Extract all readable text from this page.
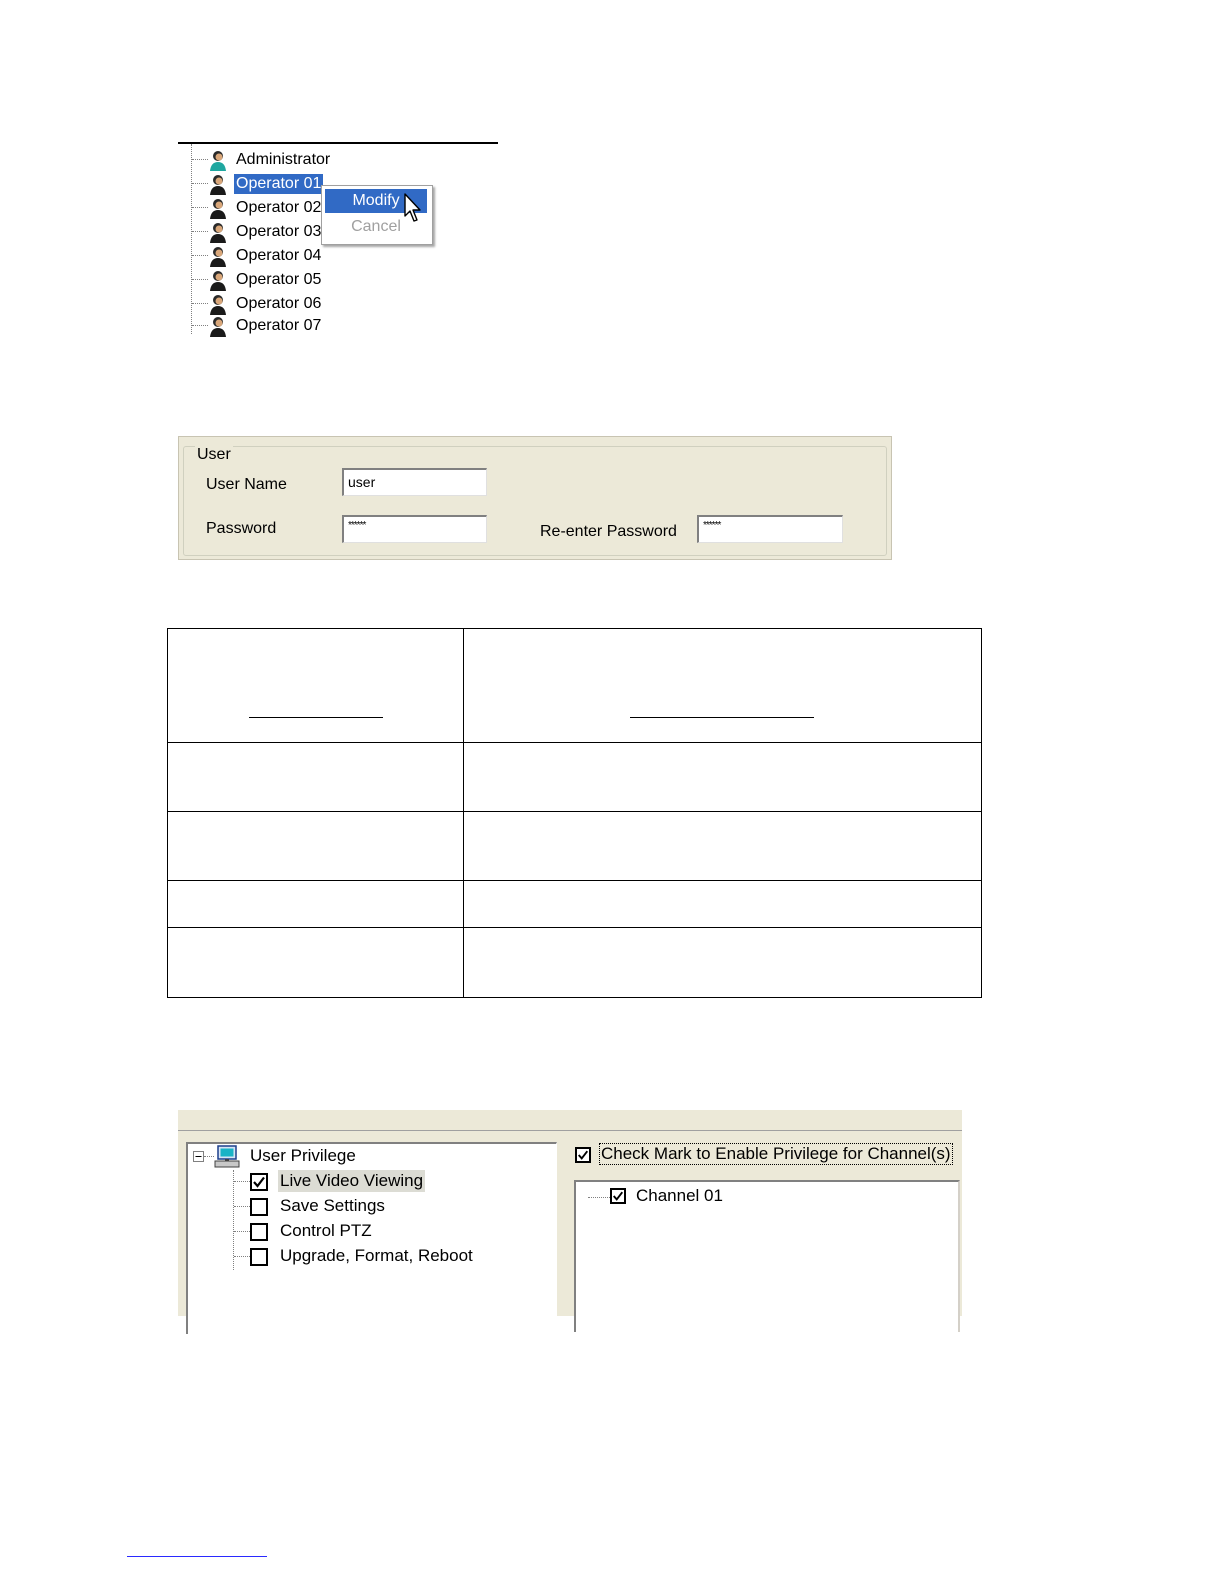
Administrator
Operator 01
Operator 02
Operator 03
Operator 04
Operator 05
Operator 06
Operator 07
Modify
Cancel
User
User Name	user
Password	******	Re-enter Password	******

User Privilege
Live Video Viewing
Save Settings
Control PTZ
Upgrade, Format, Reboot
Check Mark to Enable Privilege for Channel(s)
Channel 01
